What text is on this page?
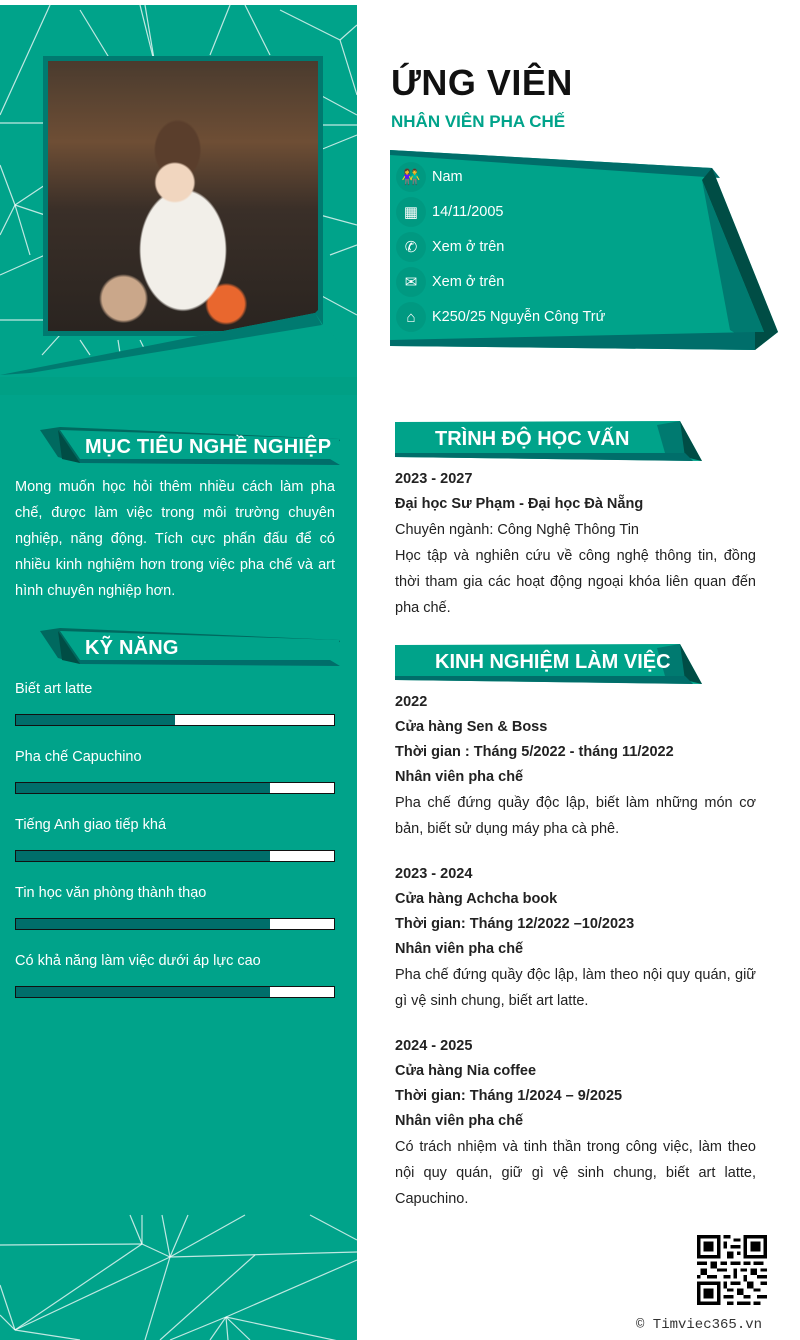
MỤC TIÊU NGHỀ NGHIỆP

Mong muốn học hỏi thêm nhiều cách làm pha chế, được làm việc trong môi trường chuyên nghiệp, năng động. Tích cực phấn đấu để có nhiều kinh nghiệm hơn trong việc pha chế và art hình chuyên nghiệp hơn.

KỸ NĂNG
Biết art latte
Pha chế Capuchino
Tiếng Anh giao tiếp khá
Tin học văn phòng thành thạo
Có khả năng làm việc dưới áp lực cao
ỨNG VIÊN
NHÂN VIÊN PHA CHẾ
👫 Nam
▦ 14/11/2005
✆	Xem ở trên
✉	Xem ở trên
⌂	K250/25 Nguyễn Công Trứ
TRÌNH ĐỘ HỌC VẤN
2023 - 2027
Đại học Sư Phạm - Đại học Đà Nẵng
Chuyên ngành: Công Nghệ Thông Tin
Học tập và nghiên cứu về công nghệ thông tin, đồng thời tham gia các hoạt động ngoại khóa liên quan đến pha chế.
KINH NGHIỆM LÀM VIỆC
2022
Cửa hàng Sen & Boss
Thời gian : Tháng 5/2022 - tháng 11/2022
Nhân viên pha chế
Pha chế đứng quầy độc lập, biết làm những món cơ bản, biết sử dụng máy pha cà phê.
2023 - 2024
Cửa hàng Achcha book
Thời gian: Tháng 12/2022 –10/2023
Nhân viên pha chế
Pha chế đứng quầy độc lập, làm theo nội quy quán, giữ gì vệ sinh chung, biết art latte.
2024 - 2025
Cửa hàng Nia coffee
Thời gian: Tháng 1/2024 – 9/2025
Nhân viên pha chế
Có trách nhiệm và tinh thần trong công việc, làm theo nội quy quán, giữ gì vệ sinh chung, biết art latte, Capuchino.
© Timviec365.vn
